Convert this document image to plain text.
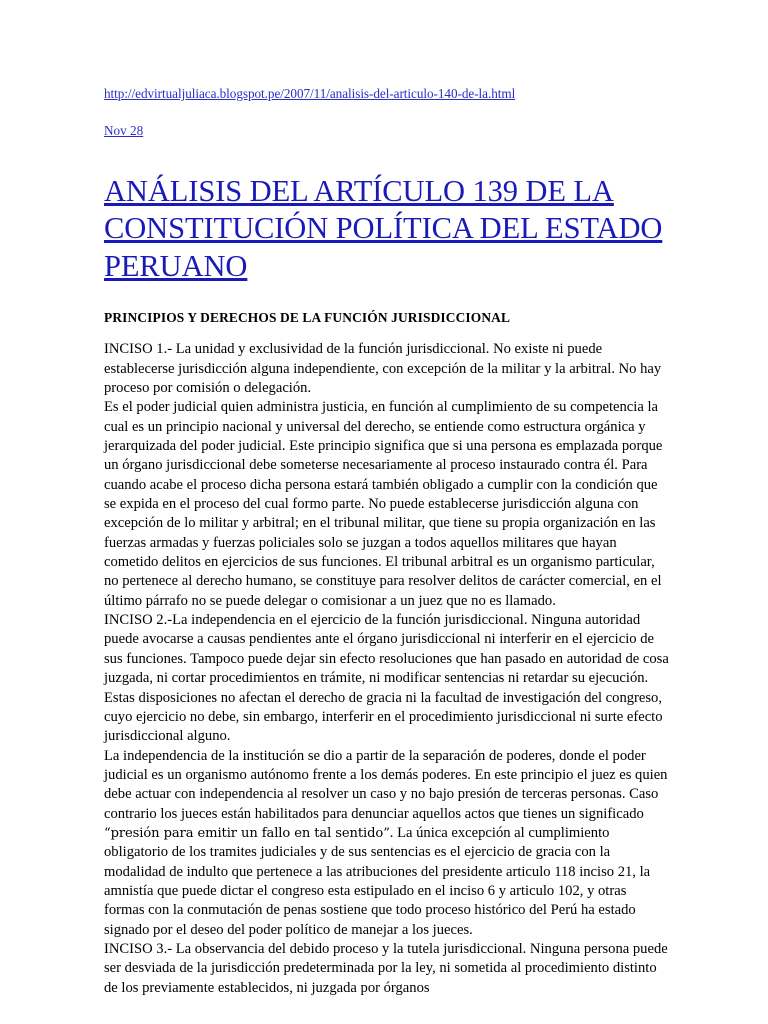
http://edvirtualjuliaca.blogspot.pe/2007/11/analisis-del-articulo-140-de-la.html
Nov 28
ANÁLISIS DEL ARTÍCULO 139 DE LA CONSTITUCIÓN POLÍTICA DEL ESTADO PERUANO
PRINCIPIOS Y DERECHOS DE LA FUNCIÓN JURISDICCIONAL

INCISO 1.- La unidad y exclusividad de la función jurisdiccional. No existe ni puede establecerse jurisdicción alguna independiente, con excepción de la militar y la arbitral. No hay proceso por comisión o delegación.

Es el poder judicial quien administra justicia, en función al cumplimiento de su competencia la cual es un principio nacional y universal del derecho, se entiende como estructura orgánica y jerarquizada del poder judicial. Este principio significa que si una persona es emplazada porque un órgano jurisdiccional debe someterse necesariamente al proceso instaurado contra él. Para cuando acabe el proceso dicha persona estará también obligado a cumplir con la condición que se expida en el proceso del cual formo parte. No puede establecerse jurisdicción alguna con excepción de lo militar y arbitral; en el tribunal militar, que tiene su propia organización en las fuerzas armadas y fuerzas policiales solo se juzgan a todos aquellos militares que hayan cometido delitos en ejercicios de sus funciones. El tribunal arbitral es un organismo particular, no pertenece al derecho humano, se constituye para resolver delitos de carácter comercial, en el último párrafo no se puede delegar o comisionar a un juez que no es llamado.

INCISO 2.-La independencia en el ejercicio de la función jurisdiccional. Ninguna autoridad puede avocarse a causas pendientes ante el órgano jurisdiccional ni interferir en el ejercicio de sus funciones. Tampoco puede dejar sin efecto resoluciones que han pasado en autoridad de cosa juzgada, ni cortar procedimientos en trámite, ni modificar sentencias ni retardar su ejecución. Estas disposiciones no afectan el derecho de gracia ni la facultad de investigación del congreso, cuyo ejercicio no debe, sin embargo, interferir en el procedimiento jurisdiccional ni surte efecto jurisdiccional alguno.

La independencia de la institución se dio a partir de la separación de poderes, donde el poder judicial es un organismo autónomo frente a los demás poderes. En este principio el juez es quien debe actuar con independencia al resolver un caso y no bajo presión de terceras personas. Caso contrario los jueces están habilitados para denunciar aquellos actos que tienes un significado “presión para emitir un fallo en tal sentido”. La única excepción al cumplimiento obligatorio de los tramites judiciales y de sus sentencias es el ejercicio de gracia con la modalidad de indulto que pertenece a las atribuciones del presidente articulo 118 inciso 21, la amnistía que puede dictar el congreso esta estipulado en el inciso 6 y articulo 102, y otras formas con la conmutación de penas sostiene que todo proceso histórico del Perú ha estado signado por el deseo del poder político de manejar a los jueces.

INCISO 3.- La observancia del debido proceso y la tutela jurisdiccional. Ninguna persona puede ser desviada de la jurisdicción predeterminada por la ley, ni sometida al procedimiento distinto de los previamente establecidos, ni juzgada por órganos
